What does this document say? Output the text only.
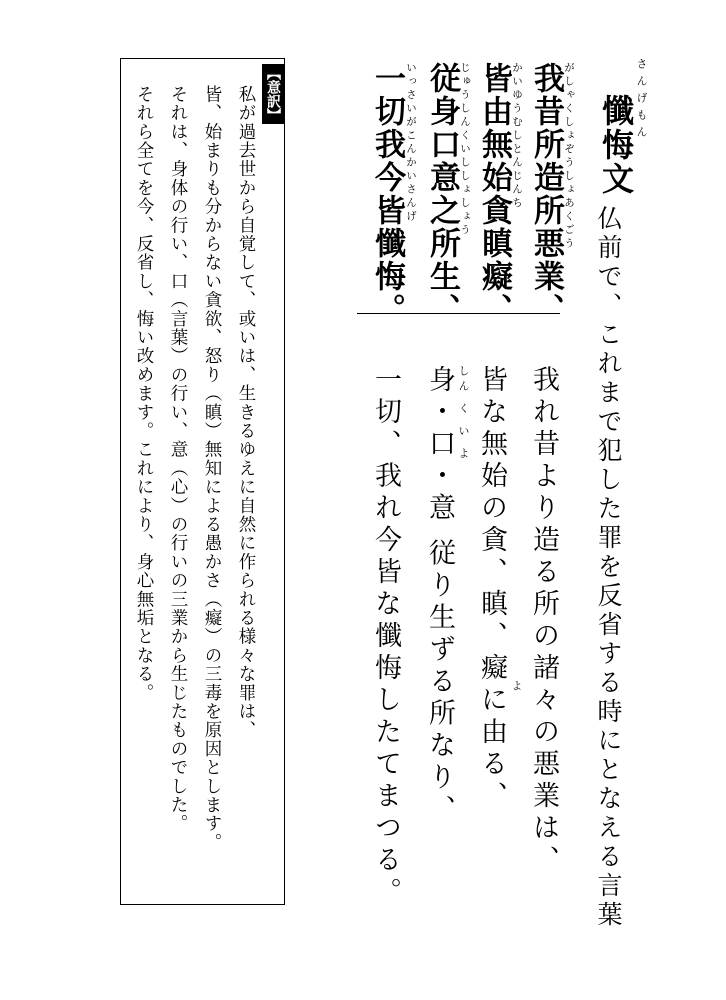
懺悔文 さんげもん
仏前で、これまで犯した罪を反省する時にとなえる言葉
我昔所造所悪業、 がしゃくしょぞうしょあくごう
皆由無始貪瞋癡、 かいゆうむしとんじんち
従身口意之所生、 じゅうしんくいししょしょう
一切我今皆懺悔。 いっさいがこんかいさんげ
我れ昔より造る所の諸々の悪業は、
皆な無始の貪、瞋、癡に由る、 よ
身・口・意 従り生ずる所なり、 しん く い よ
一切、我れ今皆な懺悔したてまつる。
【意訳】
私が過去世から自覚して、或いは、生きるゆえに自然に作られる様々な罪は、
皆、始まりも分からない貪欲、怒り（瞋）無知による愚かさ（癡）の三毒を原因とします。
それは、身体の行い、口（言葉）の行い、意（心）の行いの三業から生じたものでした。
それら全てを今、反省し、悔い改めます。これにより、身心無垢となる。
